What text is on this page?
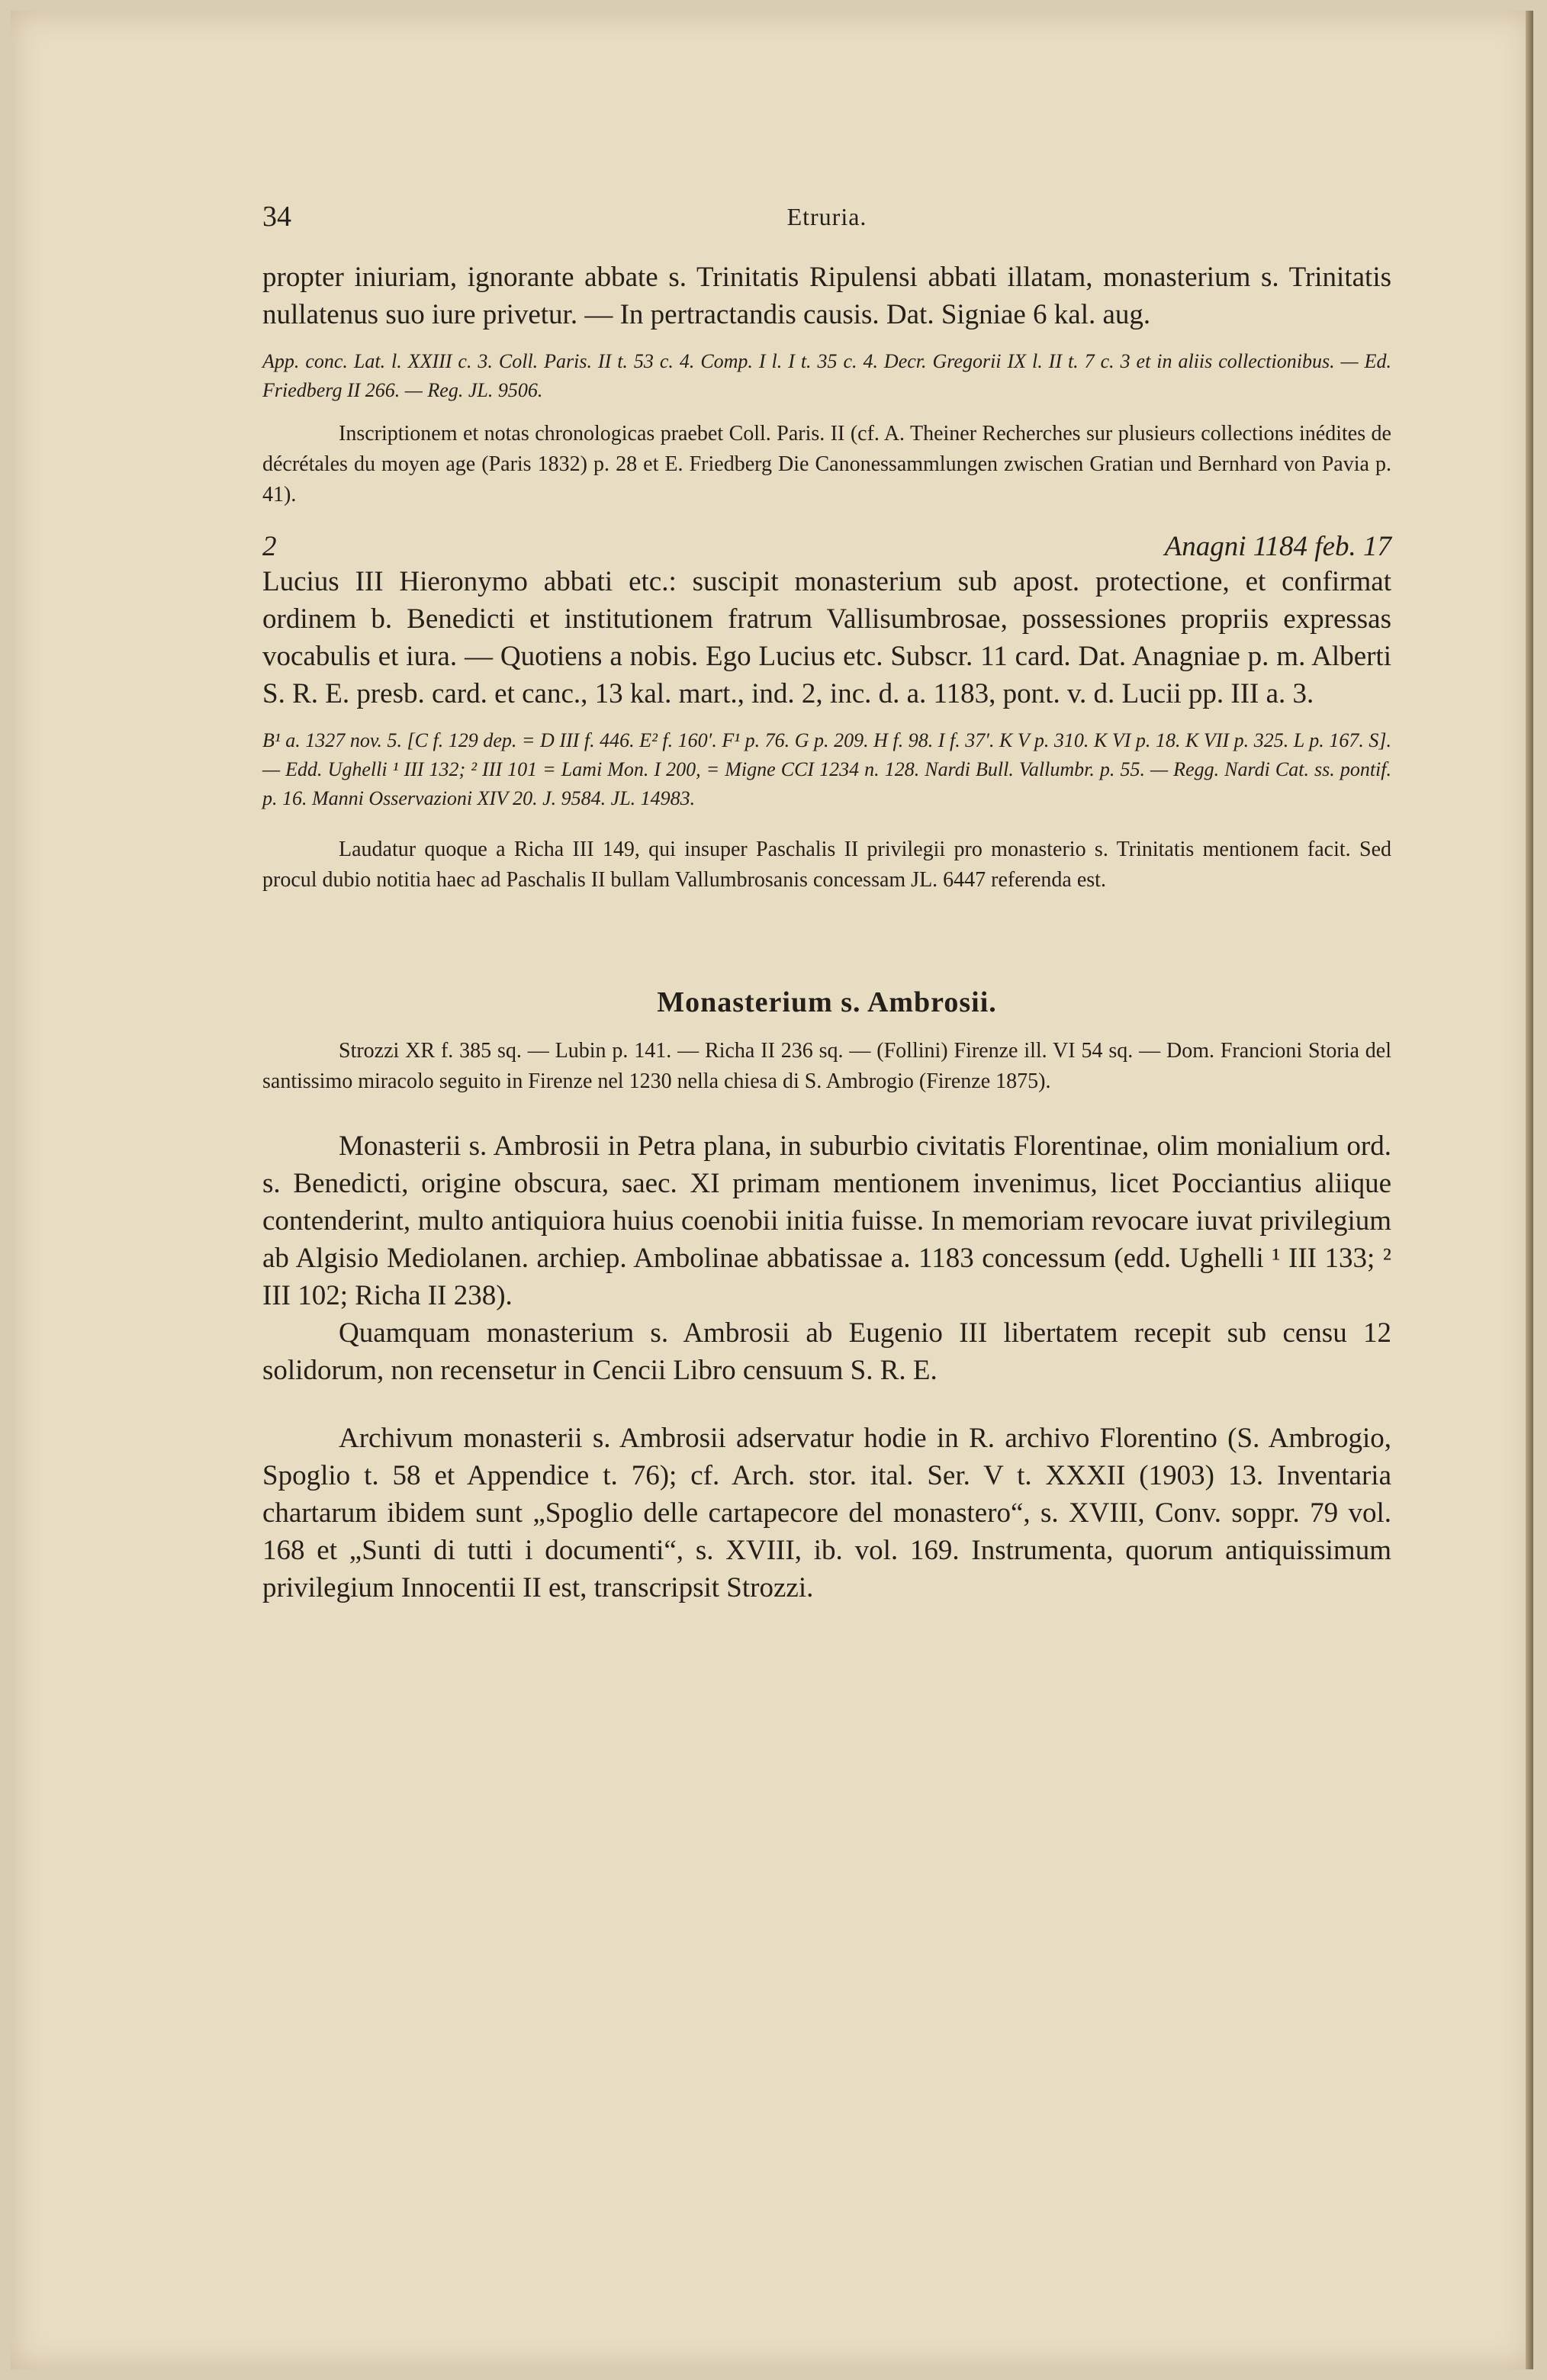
34	Etruria.

propter iniuriam, ignorante abbate s. Trinitatis Ripulensi abbati illatam, monasterium s. Trinitatis nullatenus suo iure privetur. — In pertractandis causis. Dat. Signiae 6 kal. aug.

App. conc. Lat. l. XXIII c. 3. Coll. Paris. II t. 53 c. 4. Comp. I l. I t. 35 c. 4. Decr. Gregorii IX l. II t. 7 c. 3 et in aliis collectionibus. — Ed. Friedberg II 266. — Reg. JL. 9506.

Inscriptionem et notas chronologicas praebet Coll. Paris. II (cf. A. Theiner Recherches sur plusieurs collections inédites de décrétales du moyen age (Paris 1832) p. 28 et E. Friedberg Die Canonessammlungen zwischen Gratian und Bernhard von Pavia p. 41).

2	Anagni 1184 feb. 17

Lucius III Hieronymo abbati etc.: suscipit monasterium sub apost. protectione, et confirmat ordinem b. Benedicti et institutionem fratrum Vallisumbrosae, possessiones propriis expressas vocabulis et iura. — Quotiens a nobis. Ego Lucius etc. Subscr. 11 card. Dat. Anagniae p. m. Alberti S. R. E. presb. card. et canc., 13 kal. mart., ind. 2, inc. d. a. 1183, pont. v. d. Lucii pp. III a. 3.

B¹ a. 1327 nov. 5. [C f. 129 dep. = D III f. 446. E² f. 160′. F¹ p. 76. G p. 209. H f. 98. I f. 37′. K V p. 310. K VI p. 18. K VII p. 325. L p. 167. S]. — Edd. Ughelli ¹ III 132; ² III 101 = Lami Mon. I 200, = Migne CCI 1234 n. 128. Nardi Bull. Vallumbr. p. 55. — Regg. Nardi Cat. ss. pontif. p. 16. Manni Osservazioni XIV 20. J. 9584. JL. 14983.

Laudatur quoque a Richa III 149, qui insuper Paschalis II privilegii pro monasterio s. Trinitatis mentionem facit. Sed procul dubio notitia haec ad Paschalis II bullam Vallumbrosanis concessam JL. 6447 referenda est.

Monasterium s. Ambrosii.

Strozzi XR f. 385 sq. — Lubin p. 141. — Richa II 236 sq. — (Follini) Firenze ill. VI 54 sq. — Dom. Francioni Storia del santissimo miracolo seguito in Firenze nel 1230 nella chiesa di S. Ambrogio (Firenze 1875).

Monasterii s. Ambrosii in Petra plana, in suburbio civitatis Florentinae, olim monialium ord. s. Benedicti, origine obscura, saec. XI primam mentionem invenimus, licet Pocciantius aliique contenderint, multo antiquiora huius coenobii initia fuisse. In memoriam revocare iuvat privilegium ab Algisio Mediolanen. archiep. Ambolinae abbatissae a. 1183 concessum (edd. Ughelli ¹ III 133; ² III 102; Richa II 238).

Quamquam monasterium s. Ambrosii ab Eugenio III libertatem recepit sub censu 12 solidorum, non recensetur in Cencii Libro censuum S. R. E.

Archivum monasterii s. Ambrosii adservatur hodie in R. archivo Florentino (S. Ambrogio, Spoglio t. 58 et Appendice t. 76); cf. Arch. stor. ital. Ser. V t. XXXII (1903) 13. Inventaria chartarum ibidem sunt „Spoglio delle cartapecore del monastero“, s. XVIII, Conv. soppr. 79 vol. 168 et „Sunti di tutti i documenti“, s. XVIII, ib. vol. 169. Instrumenta, quorum antiquissimum privilegium Innocentii II est, transcripsit Strozzi.
